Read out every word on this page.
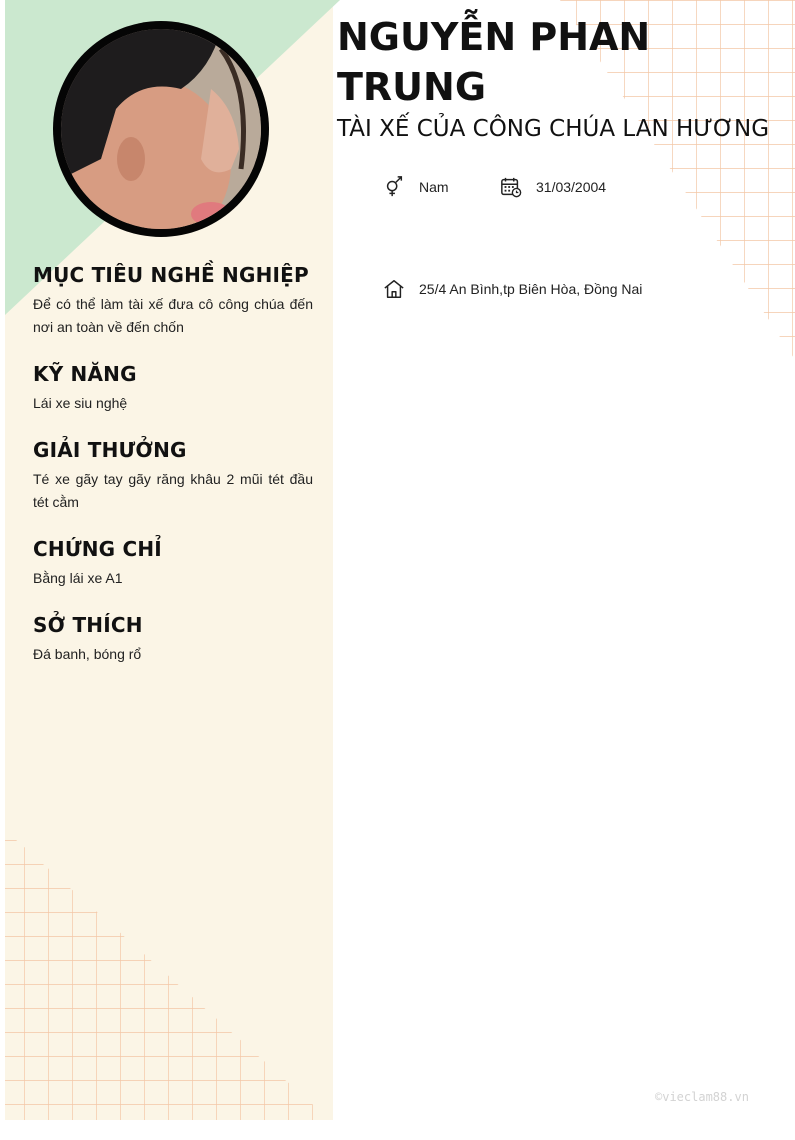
NGUYỄN PHAN TRUNG
TÀI XẾ CỦA CÔNG CHÚA LAN HƯƠNG
Nam	31/03/2004
25/4 An Bình,tp Biên Hòa, Đồng Nai
MỤC TIÊU NGHỀ NGHIỆP
Để có thể làm tài xế đưa cô công chúa đến nơi an toàn về đến chốn
KỸ NĂNG
Lái xe siu nghệ
GIẢI THƯỞNG
Té xe gãy tay gãy răng khâu 2 mũi tét đầu tét cằm
CHỨNG CHỈ
Bằng lái xe A1
SỞ THÍCH
Đá banh, bóng rổ
©vieclam88.vn
